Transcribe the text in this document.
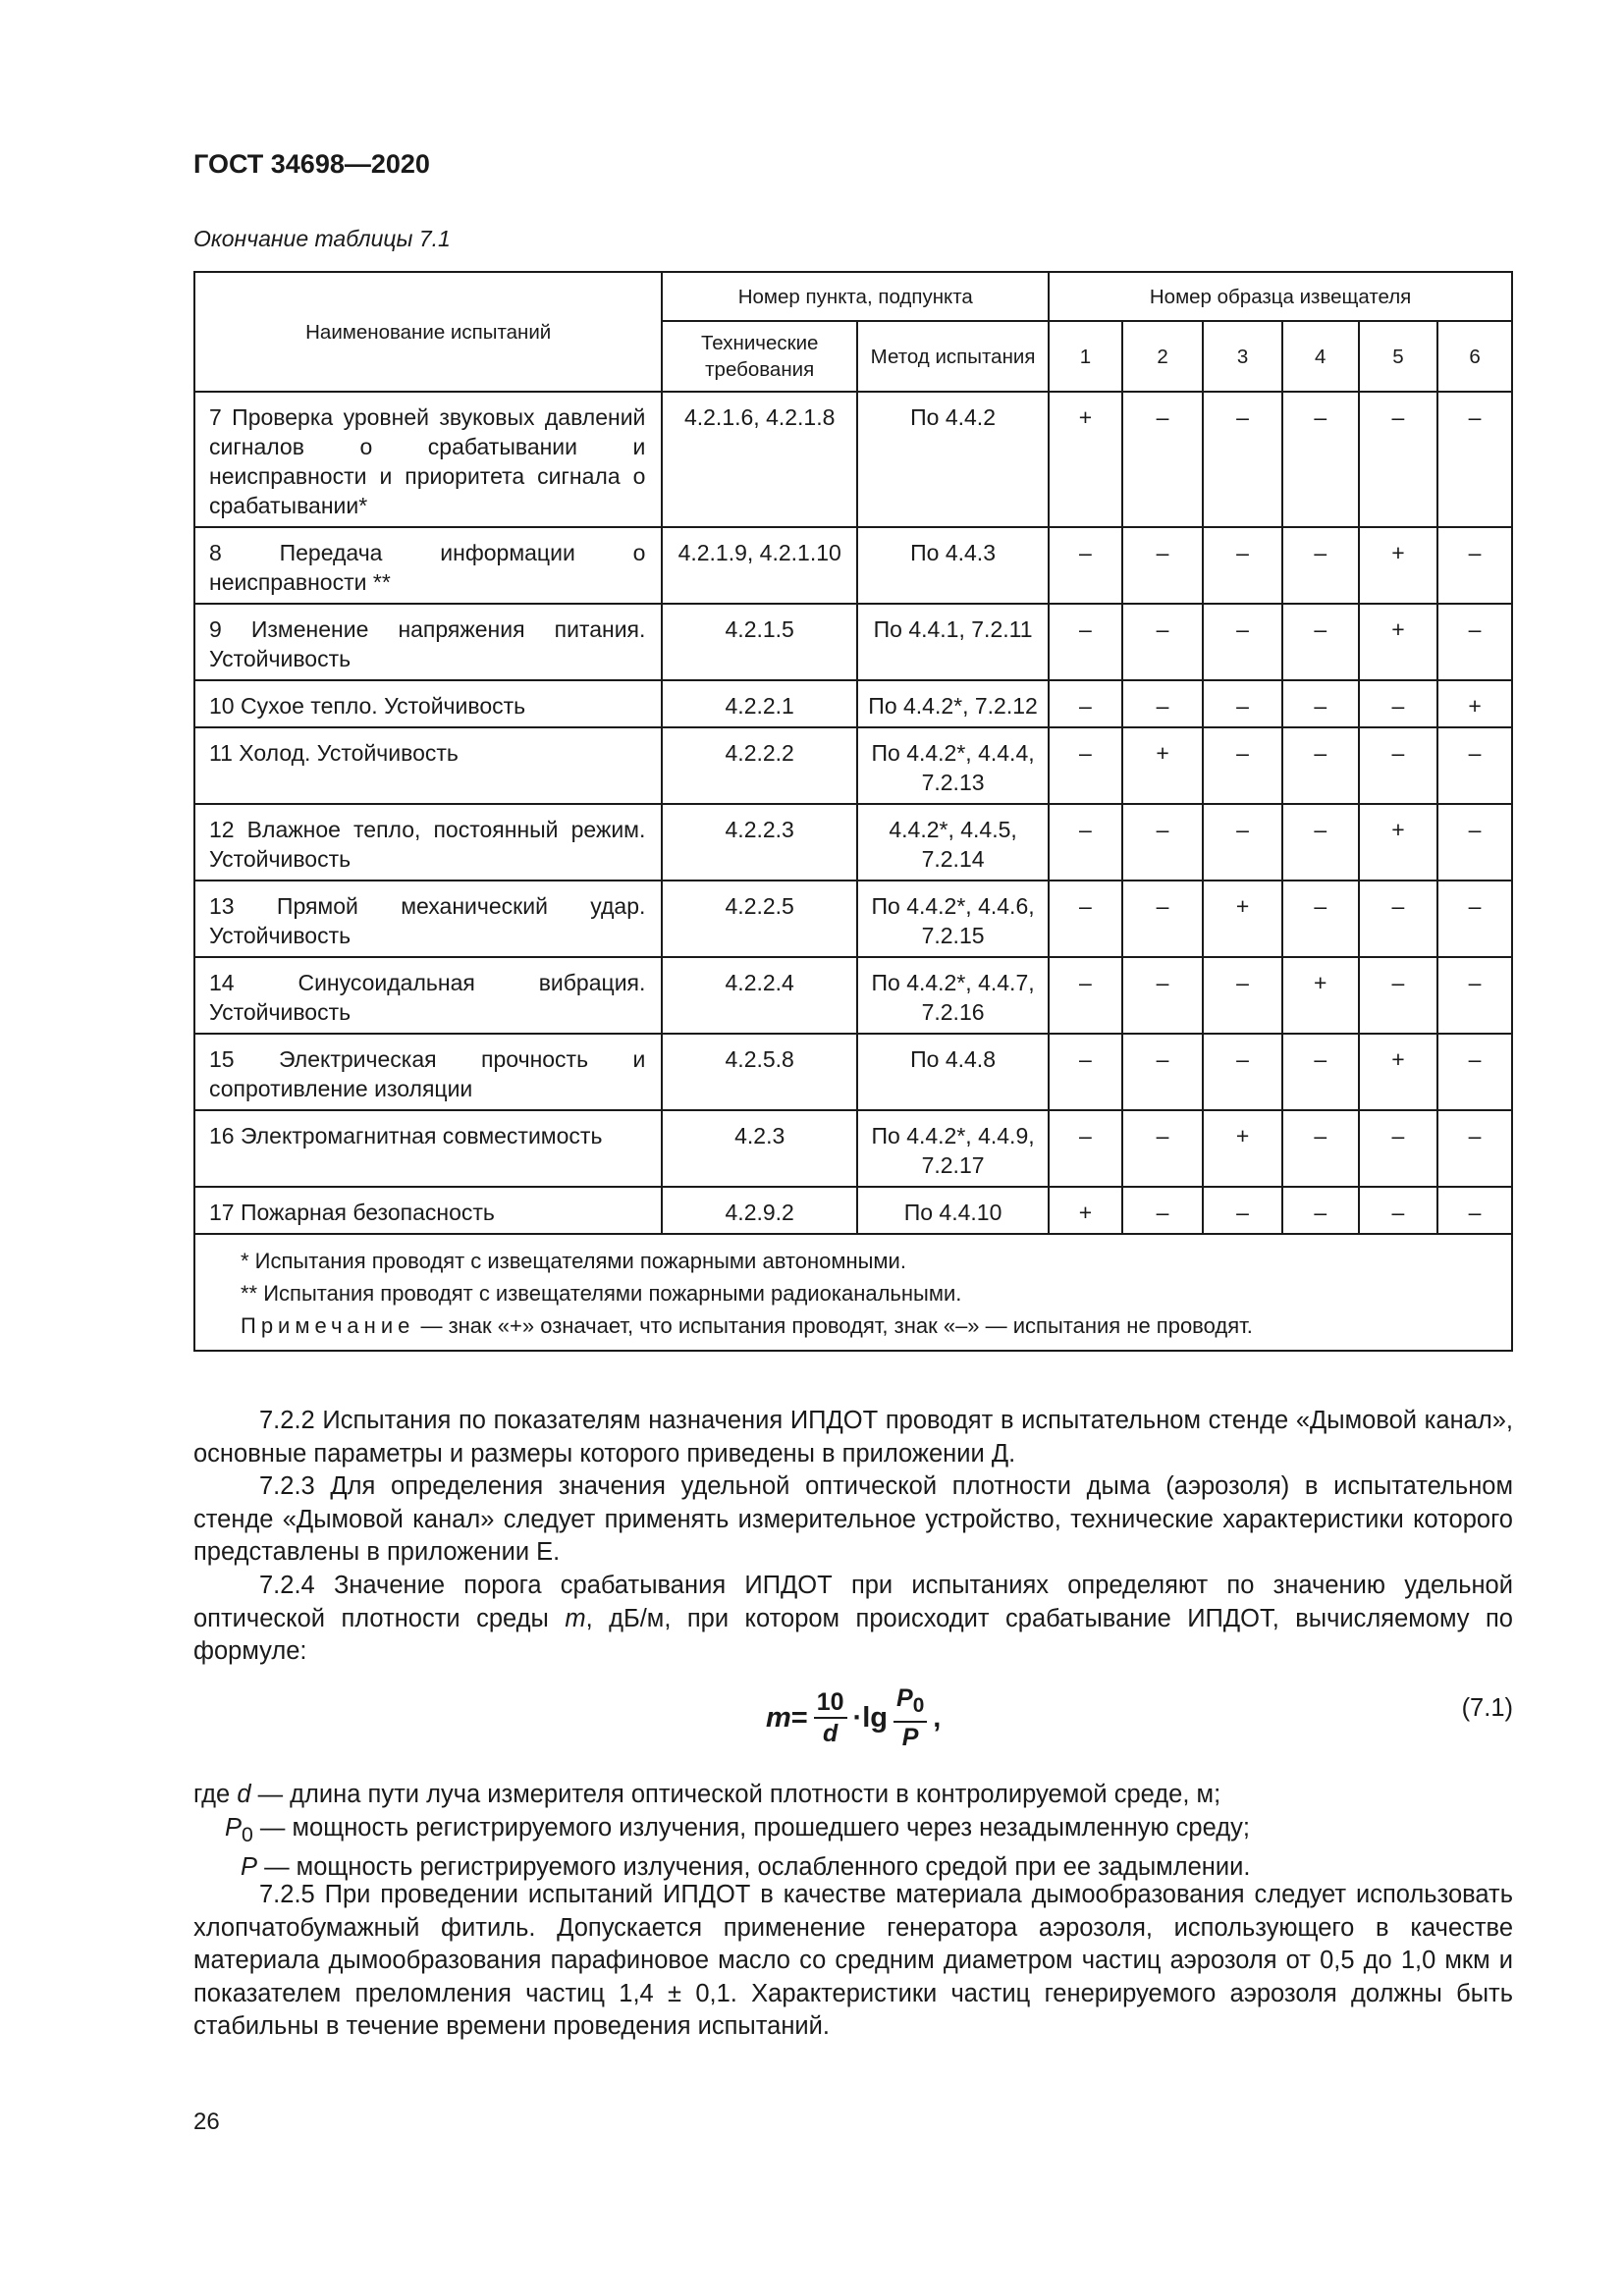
ГОСТ 34698—2020
Окончание таблицы 7.1
Наименование испытаний	Номер пункта, подпункта		Номер образца извещателя					
	Технические требования	Метод испытания	1	2	3	4	5	6
7 Проверка уровней звуковых давлений сигналов о срабатывании и неисправности и приоритета сигнала о срабатывании*	4.2.1.6, 4.2.1.8	По 4.4.2	+	–	–	–	–	–
8 Передача информации о неисправности **	4.2.1.9, 4.2.1.10	По 4.4.3	–	–	–	–	+	–
9 Изменение напряжения питания. Устойчивость	4.2.1.5	По 4.4.1, 7.2.11	–	–	–	–	+	–
10 Сухое тепло. Устойчивость	4.2.2.1	По 4.4.2*, 7.2.12	–	–	–	–	–	+
11 Холод. Устойчивость	4.2.2.2	По 4.4.2*, 4.4.4, 7.2.13	–	+	–	–	–	–
12 Влажное тепло, постоянный режим. Устойчивость	4.2.2.3	4.4.2*, 4.4.5, 7.2.14	–	–	–	–	+	–
13 Прямой механический удар. Устойчивость	4.2.2.5	По 4.4.2*, 4.4.6, 7.2.15	–	–	+	–	–	–
14 Синусоидальная вибрация. Устойчивость	4.2.2.4	По 4.4.2*, 4.4.7, 7.2.16	–	–	–	+	–	–
15 Электрическая прочность и сопротивление изоляции	4.2.5.8	По 4.4.8	–	–	–	–	+	–
16 Электромагнитная совместимость	4.2.3	По 4.4.2*, 4.4.9, 7.2.17	–	–	+	–	–	–
17 Пожарная безопасность	4.2.9.2	По 4.4.10	+	–	–	–	–	–

* Испытания проводят с извещателями пожарными автономными.
** Испытания проводят с извещателями пожарными радиоканальными.
Примечание — знак «+» означает, что испытания проводят, знак «–» — испытания не проводят.								

7.2.2 Испытания по показателям назначения ИПДОТ проводят в испытательном стенде «Дымовой канал», основные параметры и размеры которого приведены в приложении Д.

7.2.3 Для определения значения удельной оптической плотности дыма (аэрозоля) в испытательном стенде «Дымовой канал» следует применять измерительное устройство, технические характеристики которого представлены в приложении Е.

7.2.4 Значение порога срабатывания ИПДОТ при испытаниях определяют по значению удельной оптической плотности среды m, дБ/м, при котором происходит срабатывание ИПДОТ, вычисляемому по формуле:

$m = \frac{10}{d} \cdot \lg \frac{P_0}{P}$ ,	(7.1)
где d — длина пути луча измерителя оптической плотности в контролируемой среде, м;
$P_0$ — мощность регистрируемого излучения, прошедшего через незадымленную среду;
P — мощность регистрируемого излучения, ослабленного средой при ее задымлении.

7.2.5 При проведении испытаний ИПДОТ в качестве материала дымообразования следует использовать хлопчатобумажный фитиль. Допускается применение генератора аэрозоля, использующего в качестве материала дымообразования парафиновое масло со средним диаметром частиц аэрозоля от 0,5 до 1,0 мкм и показателем преломления частиц 1,4 ± 0,1. Характеристики частиц генерируемого аэрозоля должны быть стабильны в течение времени проведения испытаний.

26
